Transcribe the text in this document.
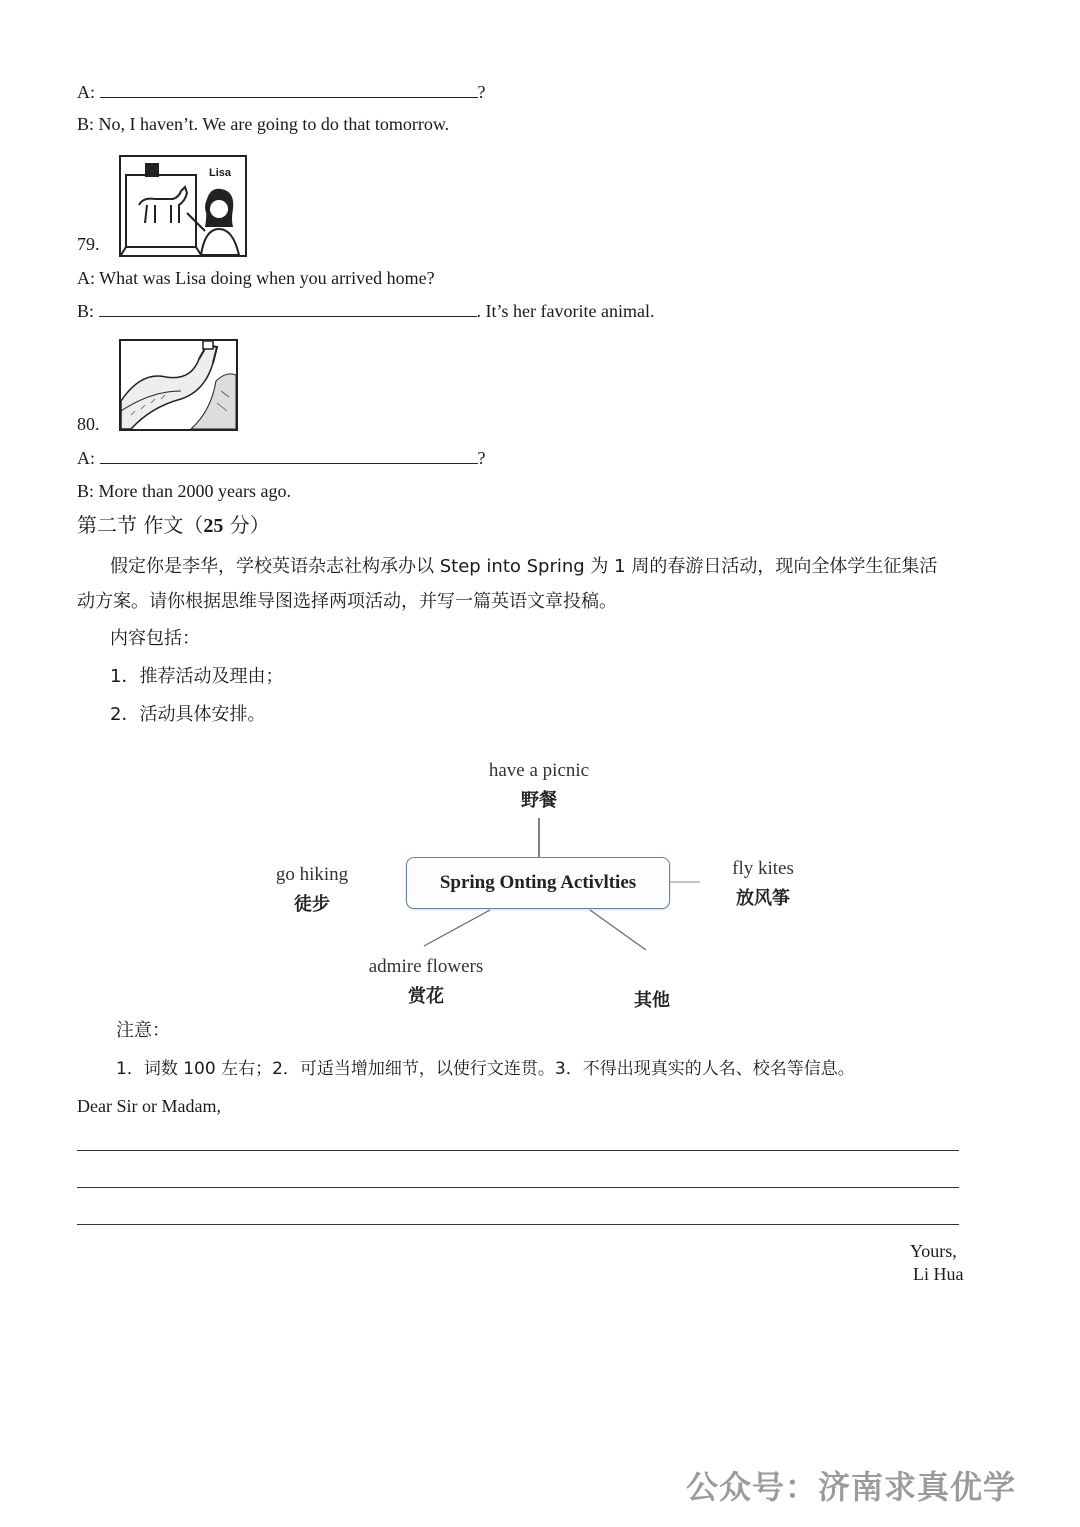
A:	?
B: No, I haven’t. We are going to do that tomorrow.
79.
Lisa
A: What was Lisa doing when you arrived home?
B:	. It’s her favorite animal.
80.
A:	?
B: More than 2000 years ago.
第二节 作文（25 分）
假定你是李华，学校英语杂志社构承办以 Step into Spring 为 1 周的春游日活动，现向全体学生征集活
动方案。请你根据思维导图选择两项活动，并写一篇英语文章投稿。
内容包括：
1．推荐活动及理由；
2．活动具体安排。
Spring Onting Activlties
have a picnic
野餐
go hiking
徒步
fly kites
放风筝
admire flowers
赏花	其他
注意：
1．词数 100 左右；2．可适当增加细节，以使行文连贯。3．不得出现真实的人名、校名等信息。
Dear Sir or Madam,
Yours,
Li Hua
公众号：济南求真优学
